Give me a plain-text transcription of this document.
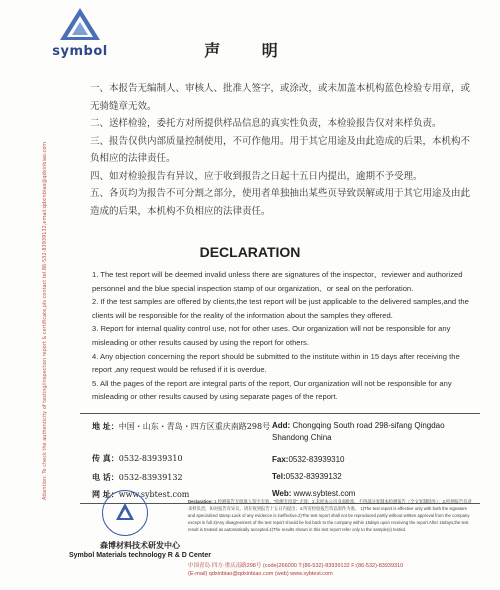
symbol
Attention: To check the authenticity of testing/inspection report & certificate,pls contact tel.86-532-83939132,email:qdxinbiao@qdxinbiao.com
声 明

一、本报告无编制人、审核人、批准人签字，或涂改，或未加盖本机构蓝色检验专用章，或无骑缝章无效。

二、送样检验，委托方对所提供样品信息的真实性负责，本检验报告仅对来样负责。

三、报告仅供内部质量控制使用，不可作他用。用于其它用途及由此造成的后果，本机构不负相应的法律责任。

四、如对检验报告有异议，应于收到报告之日起十五日内提出，逾期不予受理。

五、各页均为报告不可分割之部分，使用者单独抽出某些页导致误解或用于其它用途及由此造成的后果，本机构不负相应的法律责任。

DECLARATION

1. The test report will be deemed invalid unless there are signatures of the inspector、reviewer and authorized personnel and the blue special inspection stamp of our organization、or seal on the perforation.

2. If the test samples are offered by clients,the test report will be just applicable to the delivered samples,and the clients will be responsible for the reality of the information about the samples they offered.

3. Report for internal quality control use, not for other uses. Our organization will not be responsible for any misleading or other results caused by using the report for others.

4. Any objection concerning the report should be submitted to the institute within in 15 days after receiving the report ,any request would be refused if it is overdue.

5. All the pages of the report are integral parts of the report, Our organization will not be responsible for any misleading or other results caused by using separate pages of the report.

地 址：中国・山东・青岛・四方区重庆南路298号
传 真：0532-83939310
电 话：0532-83939132
网 址：www.sybtest.com
Add: Chongqing South road 298-sifang Qingdao Shandong China
Fax:0532-83939310
Tel:0532-83939132
Web: www.sybtest.com
森博材料技术研发中心
Symbol Materials technology R & D Center
Declaration: 1.检测报告无批准人签字无效，"检测专用章" 无效；2.未经本公司书面批准，不得部分复制本检测报告（全文复制除外）；3.检测报告仅对来样负责，如对报告有异议，请在收到报告十五日内提出；4.所有检验报告均以原件为准。 1)The test report is effective only with both the signature and specialized stamp.Lack of any evidence is ineffective.2)The test report shall not be reproduced partly without written approval from the company except in full.3)Any disagreement of the test report should be fed back to the company within 15days upon receiving the report.After 15days,the test result is treated as automatically accepted.4)The results shown in this test report refer only to the sample(s) tested.
中国青岛·四方·重庆南路298号 (code)266000 T:(86-532)-83939132 F:(86-532)-83939310
(E-mail) qdxinbiao@qdxinbiao.com (web) www.sybtest.com
